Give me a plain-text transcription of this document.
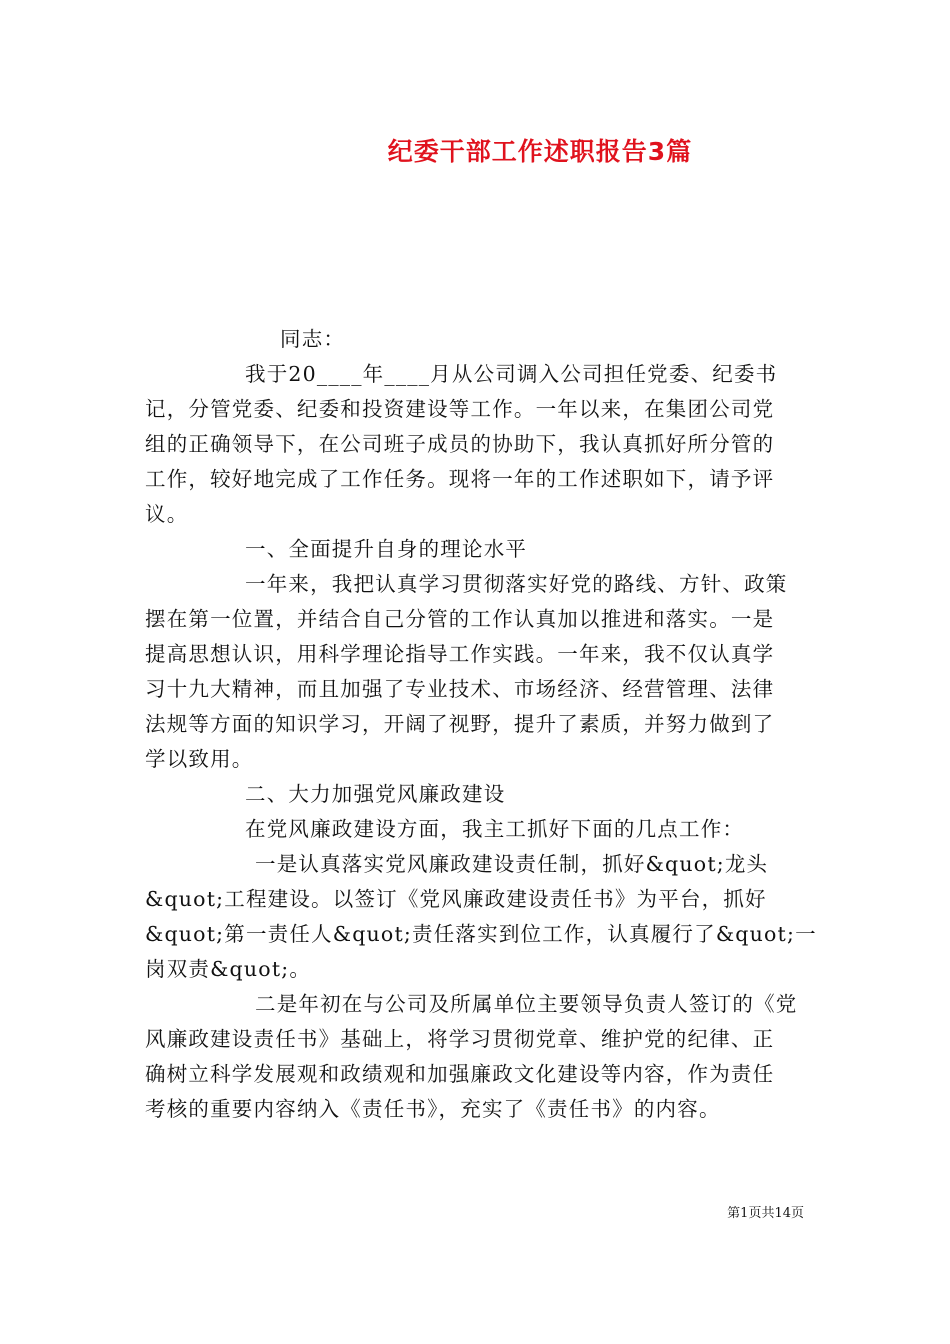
纪委干部工作述职报告3篇
同志：
我于20____年____月从公司调入公司担任党委、纪委书
记，分管党委、纪委和投资建设等工作。一年以来，在集团公司党
组的正确领导下，在公司班子成员的协助下，我认真抓好所分管的
工作，较好地完成了工作任务。现将一年的工作述职如下，请予评
议。
一、全面提升自身的理论水平
一年来，我把认真学习贯彻落实好党的路线、方针、政策
摆在第一位置，并结合自己分管的工作认真加以推进和落实。一是
提高思想认识，用科学理论指导工作实践。一年来，我不仅认真学
习十九大精神，而且加强了专业技术、市场经济、经营管理、法律
法规等方面的知识学习，开阔了视野，提升了素质，并努力做到了
学以致用。
二、大力加强党风廉政建设
在党风廉政建设方面，我主工抓好下面的几点工作：
一是认真落实党风廉政建设责任制，抓好&quot;龙头
&quot;工程建设。以签订《党风廉政建设责任书》为平台，抓好
&quot;第一责任人&quot;责任落实到位工作，认真履行了&quot;一
岗双责&quot;。
二是年初在与公司及所属单位主要领导负责人签订的《党
风廉政建设责任书》基础上，将学习贯彻党章、维护党的纪律、正
确树立科学发展观和政绩观和加强廉政文化建设等内容，作为责任
考核的重要内容纳入《责任书》，充实了《责任书》的内容。
第1页共14页
